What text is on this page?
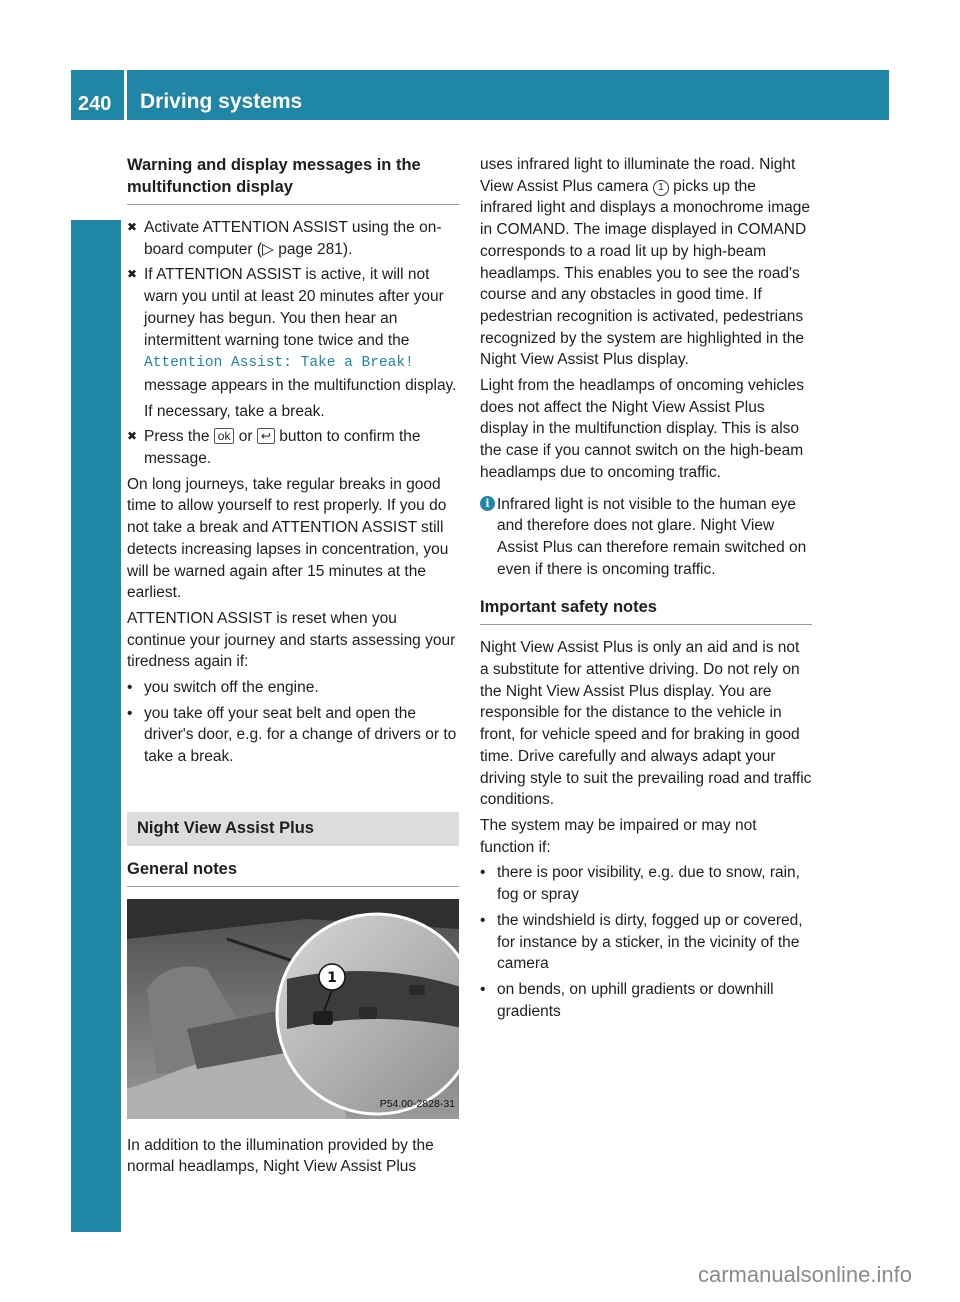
240 Driving systems
Driving and parking
Warning and display messages in the multifunction display
✖ Activate ATTENTION ASSIST using the on-board computer (▷ page 281).
✖ If ATTENTION ASSIST is active, it will not warn you until at least 20 minutes after your journey has begun. You then hear an intermittent warning tone twice and the Attention Assist: Take a Break! message appears in the multifunction display.

If necessary, take a break.

✖ Press the ok or ↩ button to confirm the message.

On long journeys, take regular breaks in good time to allow yourself to rest properly. If you do not take a break and ATTENTION ASSIST still detects increasing lapses in concentration, you will be warned again after 15 minutes at the earliest.

ATTENTION ASSIST is reset when you continue your journey and starts assessing your tiredness again if:

• you switch off the engine.
• you take off your seat belt and open the driver's door, e.g. for a change of drivers or to take a break.
Night View Assist Plus
General notes
1
P54.00-2828-31

In addition to the illumination provided by the normal headlamps, Night View Assist Plus

uses infrared light to illuminate the road. Night View Assist Plus camera 1 picks up the infrared light and displays a monochrome image in COMAND. The image displayed in COMAND corresponds to a road lit up by high-beam headlamps. This enables you to see the road's course and any obstacles in good time. If pedestrian recognition is activated, pedestrians recognized by the system are highlighted in the Night View Assist Plus display.

Light from the headlamps of oncoming vehicles does not affect the Night View Assist Plus display in the multifunction display. This is also the case if you cannot switch on the high-beam headlamps due to oncoming traffic.

i Infrared light is not visible to the human eye and therefore does not glare. Night View Assist Plus can therefore remain switched on even if there is oncoming traffic.
Important safety notes

Night View Assist Plus is only an aid and is not a substitute for attentive driving. Do not rely on the Night View Assist Plus display. You are responsible for the distance to the vehicle in front, for vehicle speed and for braking in good time. Drive carefully and always adapt your driving style to suit the prevailing road and traffic conditions.

The system may be impaired or may not function if:

• there is poor visibility, e.g. due to snow, rain, fog or spray
• the windshield is dirty, fogged up or covered, for instance by a sticker, in the vicinity of the camera
• on bends, on uphill gradients or downhill gradients
carmanualsonline.info
